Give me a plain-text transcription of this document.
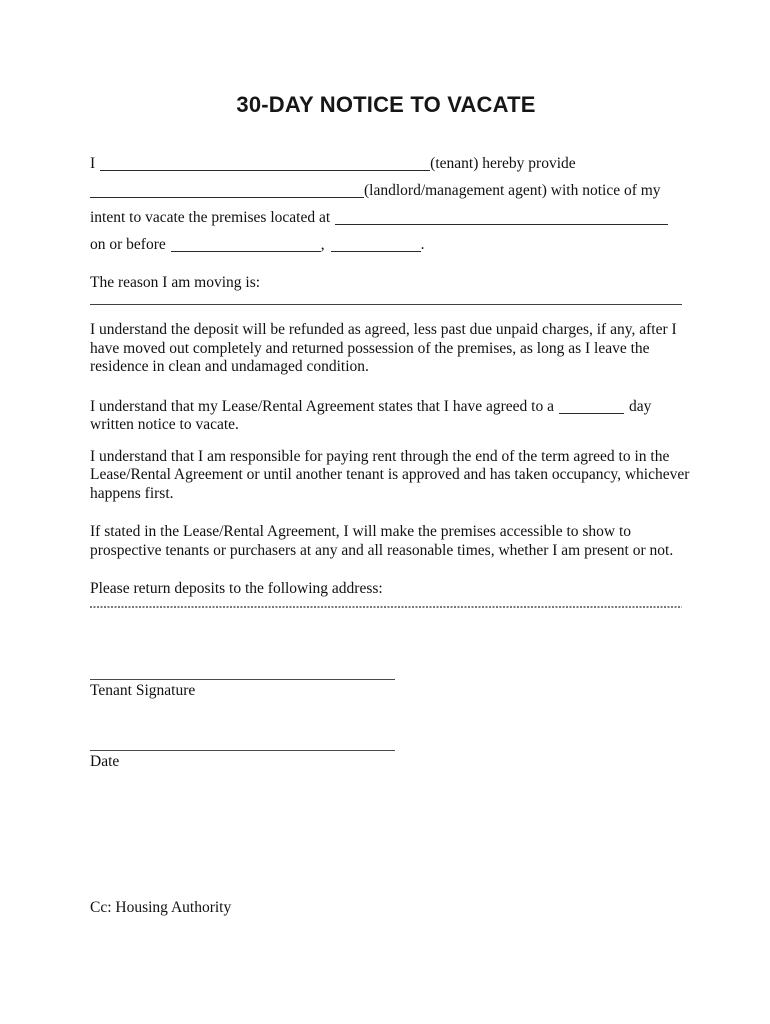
30-DAY NOTICE TO VACATE
I	(tenant) hereby provide
(landlord/management agent) with notice of my
intent to vacate the premises located at
on or before	,	.
The reason I am moving is:
I understand the deposit will be refunded as agreed, less past due unpaid charges, if any, after I
have moved out completely and returned possession of the premises, as long as I leave the
residence in clean and undamaged condition.
I understand that my Lease/Rental Agreement states that I have agreed to a	day
written notice to vacate.
I understand that I am responsible for paying rent through the end of the term agreed to in the
Lease/Rental Agreement or until another tenant is approved and has taken occupancy, whichever
happens first.
If stated in the Lease/Rental Agreement, I will make the premises accessible to show to
prospective tenants or purchasers at any and all reasonable times, whether I am present or not.
Please return deposits to the following address:
Tenant Signature
Date
Cc: Housing Authority
